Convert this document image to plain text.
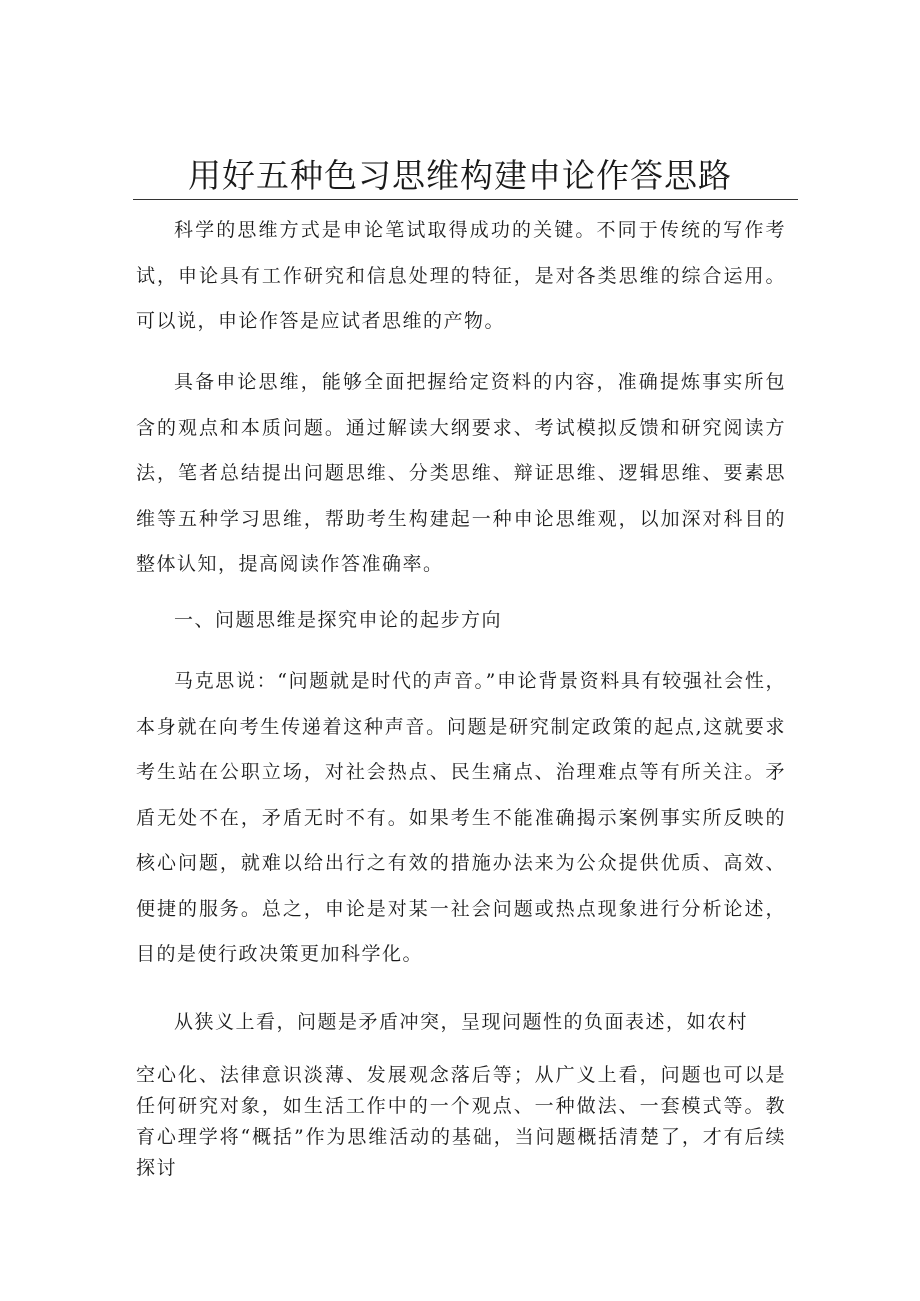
用好五种色习思维构建申论作答思路

科学的思维方式是申论笔试取得成功的关键。不同于传统的写作考试，申论具有工作研究和信息处理的特征，是对各类思维的综合运用。可以说，申论作答是应试者思维的产物。

具备申论思维，能够全面把握给定资料的内容，准确提炼事实所包含的观点和本质问题。通过解读大纲要求、考试模拟反馈和研究阅读方法，笔者总结提出问题思维、分类思维、辩证思维、逻辑思维、要素思维等五种学习思维，帮助考生构建起一种申论思维观，以加深对科目的整体认知，提高阅读作答准确率。

一、问题思维是探究申论的起步方向

马克思说：“问题就是时代的声音。”申论背景资料具有较强社会性，本身就在向考生传递着这种声音。问题是研究制定政策的起点,这就要求考生站在公职立场，对社会热点、民生痛点、治理难点等有所关注。矛盾无处不在，矛盾无时不有。如果考生不能准确揭示案例事实所反映的核心问题，就难以给出行之有效的措施办法来为公众提供优质、高效、便捷的服务。总之，申论是对某一社会问题或热点现象进行分析论述，目的是使行政决策更加科学化。

从狭义上看，问题是矛盾冲突，呈现问题性的负面表述，如农村

空心化、法律意识淡薄、发展观念落后等；从广义上看，问题也可以是任何研究对象，如生活工作中的一个观点、一种做法、一套模式等。教育心理学将“概括”作为思维活动的基础，当问题概括清楚了，才有后续探讨
